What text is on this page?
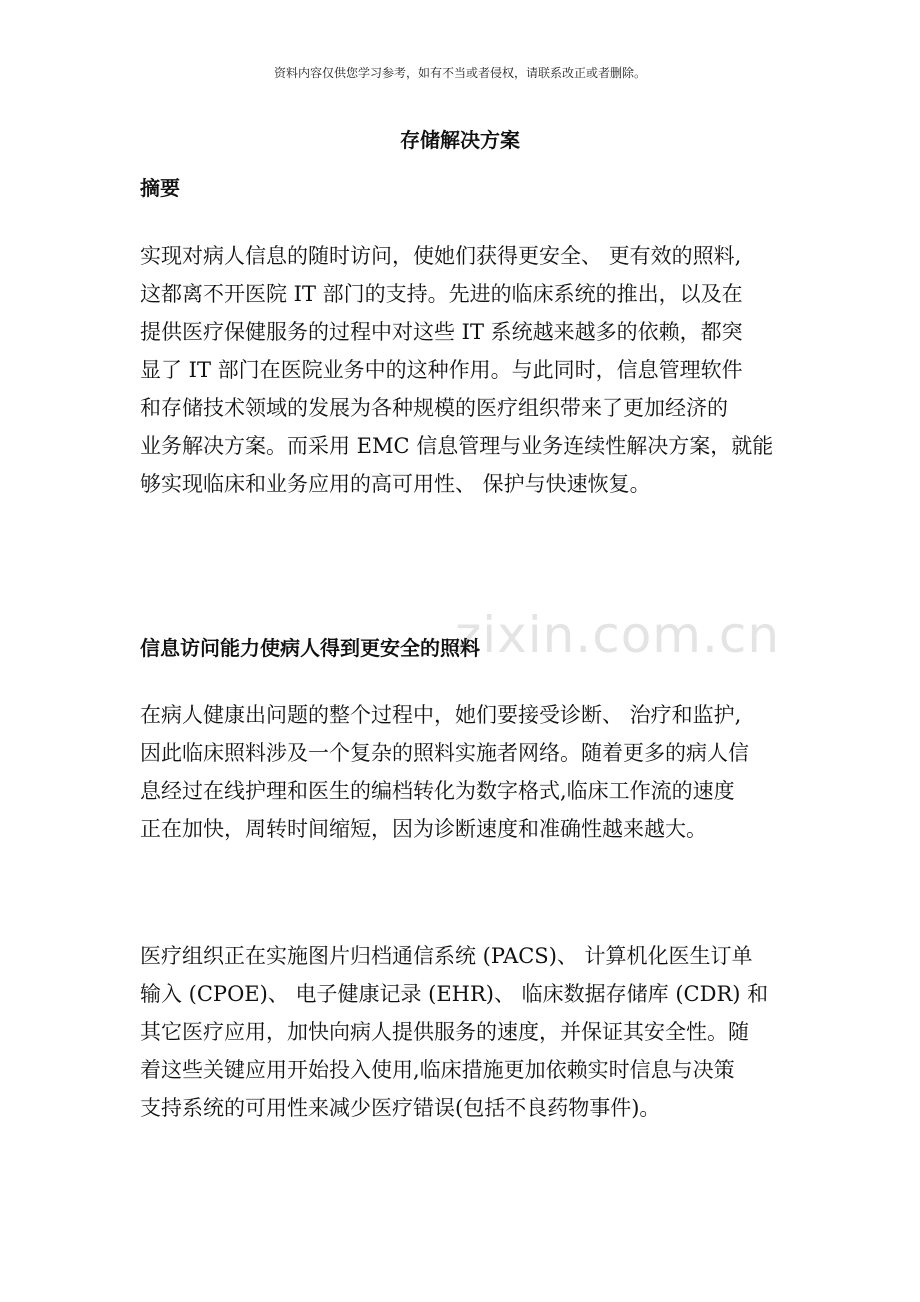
zixin.com.cn
资料内容仅供您学习参考，如有不当或者侵权，请联系改正或者删除。
存储解决方案
摘要
实现对病人信息的随时访问，使她们获得更安全、 更有效的照料,
这都离不开医院 IT 部门的支持。先进的临床系统的推出，以及在
提供医疗保健服务的过程中对这些 IT 系统越来越多的依赖，都突
显了 IT 部门在医院业务中的这种作用。与此同时，信息管理软件
和存储技术领域的发展为各种规模的医疗组织带来了更加经济的
业务解决方案。而采用 EMC 信息管理与业务连续性解决方案，就能
够实现临床和业务应用的高可用性、 保护与快速恢复。
信息访问能力使病人得到更安全的照料
在病人健康出问题的整个过程中，她们要接受诊断、 治疗和监护,
因此临床照料涉及一个复杂的照料实施者网络。随着更多的病人信
息经过在线护理和医生的编档转化为数字格式,临床工作流的速度
正在加快，周转时间缩短，因为诊断速度和准确性越来越大。
医疗组织正在实施图片归档通信系统 (PACS)、 计算机化医生订单
输入 (CPOE)、 电子健康记录 (EHR)、 临床数据存储库 (CDR) 和
其它医疗应用，加快向病人提供服务的速度，并保证其安全性。随
着这些关键应用开始投入使用,临床措施更加依赖实时信息与决策
支持系统的可用性来减少医疗错误(包括不良药物事件)。
